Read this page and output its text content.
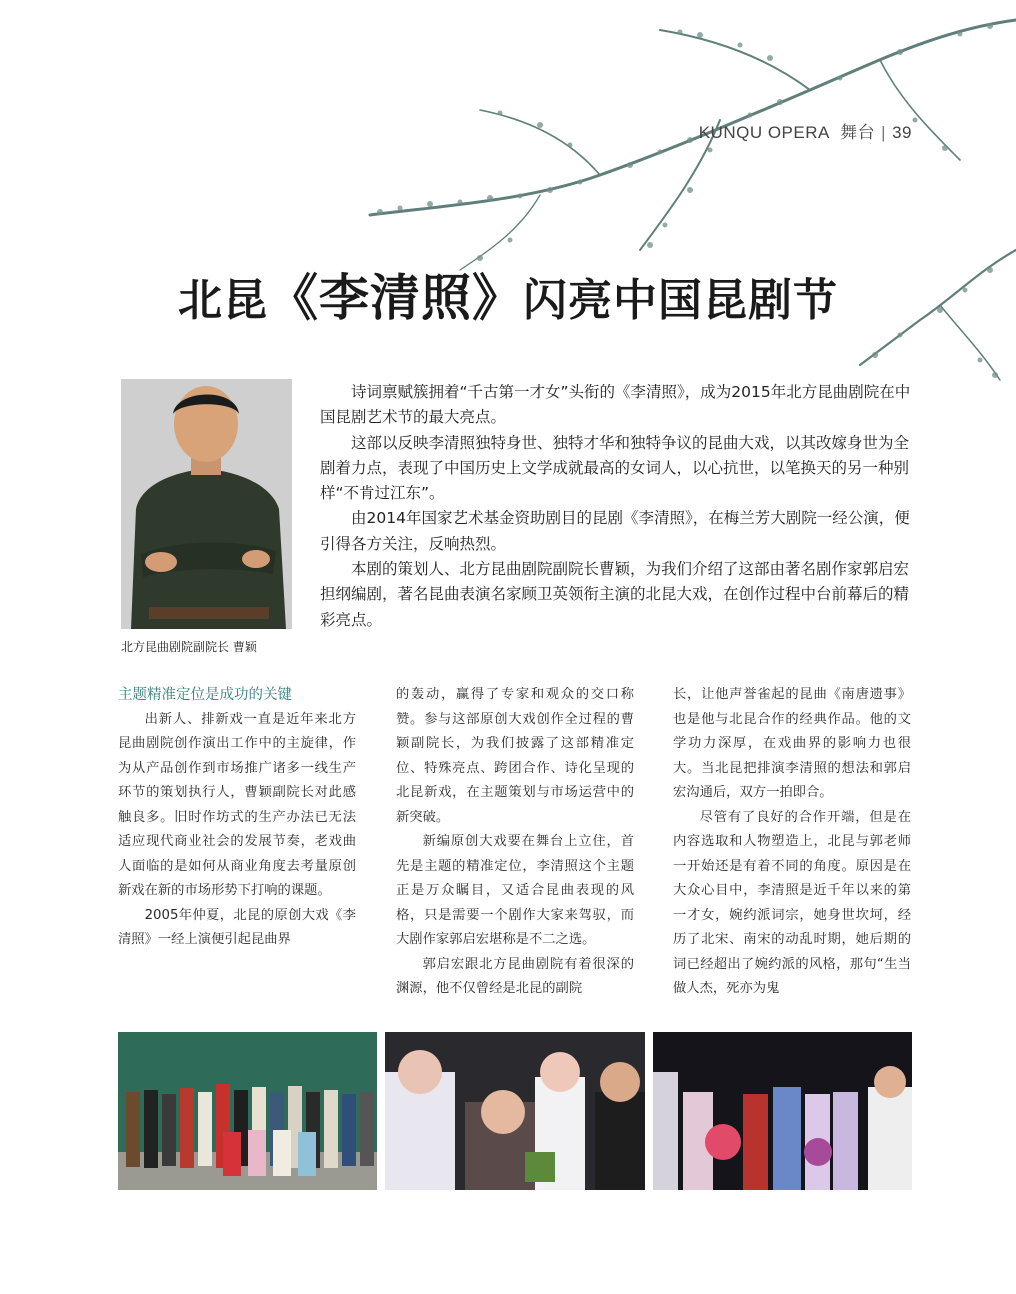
KUNQU OPERA 舞台 | 39
北昆《李清照》闪亮中国昆剧节
北方昆曲剧院副院长 曹颖

诗词禀赋簇拥着“千古第一才女”头衔的《李清照》，成为2015年北方昆曲剧院在中国昆剧艺术节的最大亮点。

这部以反映李清照独特身世、独特才华和独特争议的昆曲大戏，以其改嫁身世为全剧着力点，表现了中国历史上文学成就最高的女词人，以心抗世，以笔换天的另一种别样“不肯过江东”。

由2014年国家艺术基金资助剧目的昆剧《李清照》，在梅兰芳大剧院一经公演，便引得各方关注，反响热烈。

本剧的策划人、北方昆曲剧院副院长曹颖，为我们介绍了这部由著名剧作家郭启宏担纲编剧，著名昆曲表演名家顾卫英领衔主演的北昆大戏，在创作过程中台前幕后的精彩亮点。

主题精准定位是成功的关键

出新人、排新戏一直是近年来北方昆曲剧院创作演出工作中的主旋律，作为从产品创作到市场推广诸多一线生产环节的策划执行人，曹颖副院长对此感触良多。旧时作坊式的生产办法已无法适应现代商业社会的发展节奏，老戏曲人面临的是如何从商业角度去考量原创新戏在新的市场形势下打响的课题。

2005年仲夏，北昆的原创大戏《李清照》一经上演便引起昆曲界

的轰动，赢得了专家和观众的交口称赞。参与这部原创大戏创作全过程的曹颖副院长，为我们披露了这部精准定位、特殊亮点、跨团合作、诗化呈现的北昆新戏，在主题策划与市场运营中的新突破。

新编原创大戏要在舞台上立住，首先是主题的精准定位，李清照这个主题正是万众瞩目，又适合昆曲表现的风格，只是需要一个剧作大家来驾驭，而大剧作家郭启宏堪称是不二之选。

郭启宏跟北方昆曲剧院有着很深的渊源，他不仅曾经是北昆的副院

长，让他声誉雀起的昆曲《南唐遗事》也是他与北昆合作的经典作品。他的文学功力深厚，在戏曲界的影响力也很大。当北昆把排演李清照的想法和郭启宏沟通后，双方一拍即合。

尽管有了良好的合作开端，但是在内容选取和人物塑造上，北昆与郭老师一开始还是有着不同的角度。原因是在大众心目中，李清照是近千年以来的第一才女，婉约派词宗，她身世坎坷，经历了北宋、南宋的动乱时期，她后期的词已经超出了婉约派的风格，那句“生当做人杰，死亦为鬼
